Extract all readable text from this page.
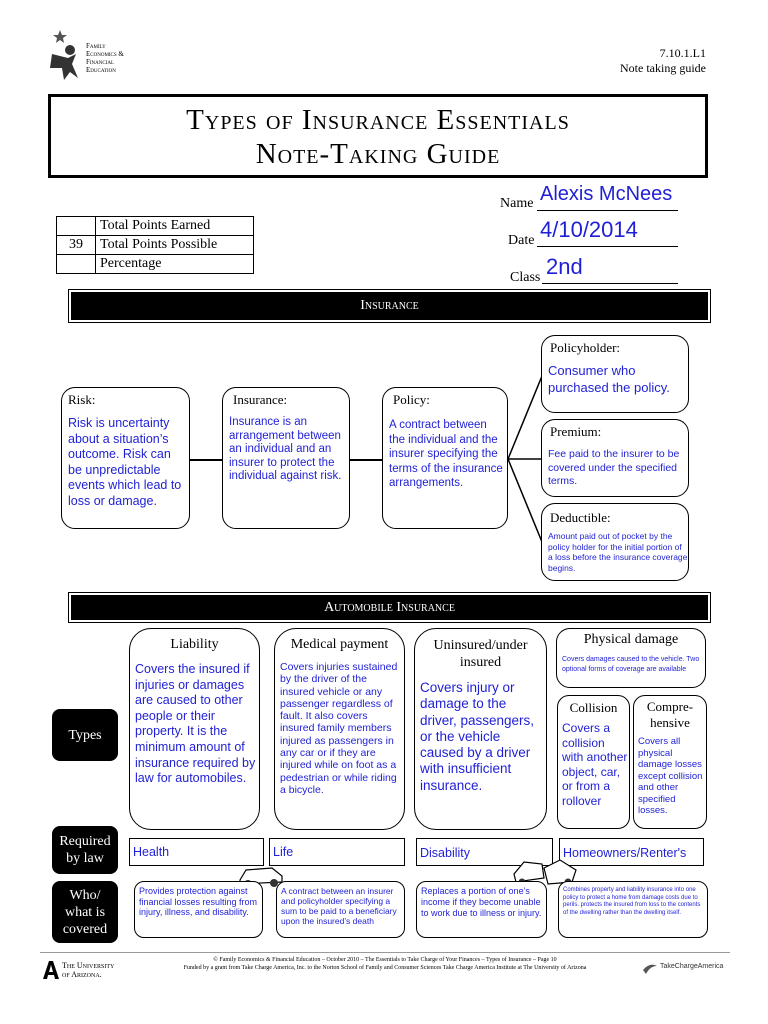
Family
Economics &
Financial
Education
7.10.1.L1
Note taking guide
Types of Insurance Essentials
Note-Taking Guide
	Total Points Earned
39	Total Points Possible
	Percentage
Name Alexis McNees
Date 4/10/2014
Class 2nd
Insurance
Risk:
Risk is uncertainty about a situation’s outcome. Risk can be unpredictable events which lead to loss or damage.
Insurance:
Insurance is an arrangement between an individual and an insurer to protect the individual against risk.
Policy:
A contract between the individual and the insurer specifying the terms of the insurance arrangements.
Policyholder:
Consumer who purchased the policy.
Premium:
Fee paid to the insurer to be covered under the specified terms.
Deductible:
Amount paid out of pocket by the policy holder for the initial portion of a loss before the insurance coverage begins.
Automobile Insurance
Types
Required by law
Who/ what is covered
Liability
Covers the insured if injuries or damages are caused to other people or their property. It is the minimum amount of insurance required by law for automobiles.
Medical payment
Covers injuries sustained by the driver of the insured vehicle or any passenger regardless of fault. It also covers insured family members injured as passengers in any car or if they are injured while on foot as a pedestrian or while riding a bicycle.
Uninsured/under insured
Covers injury or damage to the driver, passengers, or the vehicle caused by a driver with insufficient insurance.
Physical damage
Covers damages caused to the vehicle. Two optional forms of coverage are available
Collision
Covers a collision with another object, car, or from a rollover
Compre-hensive
Covers all physical damage losses except collision and other specified losses.
Health	Life	Disability	Homeowners/Renter's
Provides protection against financial losses resulting from injury, illness, and disability.
A contract between an insurer and policyholder specifying a sum to be paid to a beneficiary upon the insured’s death
Replaces a portion of one’s income if they become unable to work due to illness or injury.
Combines property and liability insurance into one policy to protect a home from damage costs due to perils. protects the insured from loss to the contents of the dwelling rather than the dwelling itself.
The University
of Arizona.
© Family Economics & Financial Education – October 2010 – The Essentials to Take Charge of Your Finances – Types of Insurance – Page 10
Funded by a grant from Take Charge America, Inc. to the Norton School of Family and Consumer Sciences Take Charge America Institute at The University of Arizona	TakeChargeAmerica
